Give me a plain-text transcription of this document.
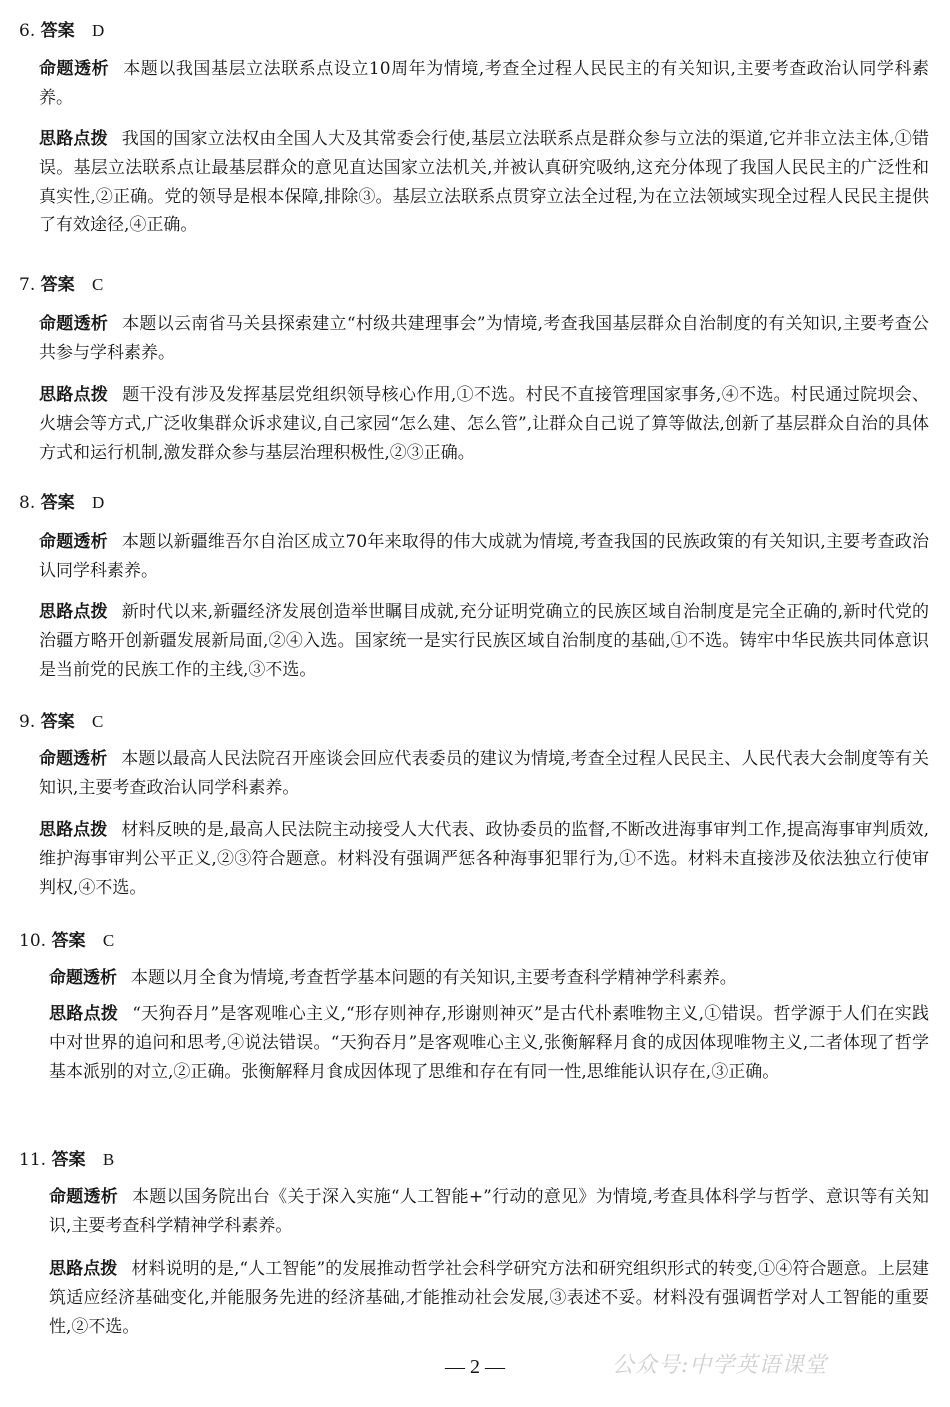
6. 答案 D
命题透析 本题以我国基层立法联系点设立10周年为情境,考查全过程人民民主的有关知识,主要考查政治认同学科素养。
思路点拨 我国的国家立法权由全国人大及其常委会行使,基层立法联系点是群众参与立法的渠道,它并非立法主体,①错误。基层立法联系点让最基层群众的意见直达国家立法机关,并被认真研究吸纳,这充分体现了我国人民民主的广泛性和真实性,②正确。党的领导是根本保障,排除③。基层立法联系点贯穿立法全过程,为在立法领域实现全过程人民民主提供了有效途径,④正确。
7. 答案 C
命题透析 本题以云南省马关县探索建立“村级共建理事会”为情境,考查我国基层群众自治制度的有关知识,主要考查公共参与学科素养。
思路点拨 题干没有涉及发挥基层党组织领导核心作用,①不选。村民不直接管理国家事务,④不选。村民通过院坝会、火塘会等方式,广泛收集群众诉求建议,自己家园“怎么建、怎么管”,让群众自己说了算等做法,创新了基层群众自治的具体方式和运行机制,激发群众参与基层治理积极性,②③正确。
8. 答案 D
命题透析 本题以新疆维吾尔自治区成立70年来取得的伟大成就为情境,考查我国的民族政策的有关知识,主要考查政治认同学科素养。
思路点拨 新时代以来,新疆经济发展创造举世瞩目成就,充分证明党确立的民族区域自治制度是完全正确的,新时代党的治疆方略开创新疆发展新局面,②④入选。国家统一是实行民族区域自治制度的基础,①不选。铸牢中华民族共同体意识是当前党的民族工作的主线,③不选。
9. 答案 C
命题透析 本题以最高人民法院召开座谈会回应代表委员的建议为情境,考查全过程人民民主、人民代表大会制度等有关知识,主要考查政治认同学科素养。
思路点拨 材料反映的是,最高人民法院主动接受人大代表、政协委员的监督,不断改进海事审判工作,提高海事审判质效,维护海事审判公平正义,②③符合题意。材料没有强调严惩各种海事犯罪行为,①不选。材料未直接涉及依法独立行使审判权,④不选。
10. 答案 C
命题透析 本题以月全食为情境,考查哲学基本问题的有关知识,主要考查科学精神学科素养。
思路点拨 “天狗吞月”是客观唯心主义,“形存则神存,形谢则神灭”是古代朴素唯物主义,①错误。哲学源于人们在实践中对世界的追问和思考,④说法错误。“天狗吞月”是客观唯心主义,张衡解释月食的成因体现唯物主义,二者体现了哲学基本派别的对立,②正确。张衡解释月食成因体现了思维和存在有同一性,思维能认识存在,③正确。
11. 答案 B
命题透析 本题以国务院出台《关于深入实施“人工智能+”行动的意见》为情境,考查具体科学与哲学、意识等有关知识,主要考查科学精神学科素养。
思路点拨 材料说明的是,“人工智能”的发展推动哲学社会科学研究方法和研究组织形式的转变,①④符合题意。上层建筑适应经济基础变化,并能服务先进的经济基础,才能推动社会发展,③表述不妥。材料没有强调哲学对人工智能的重要性,②不选。
— 2 —	公众号:中学英语课堂
